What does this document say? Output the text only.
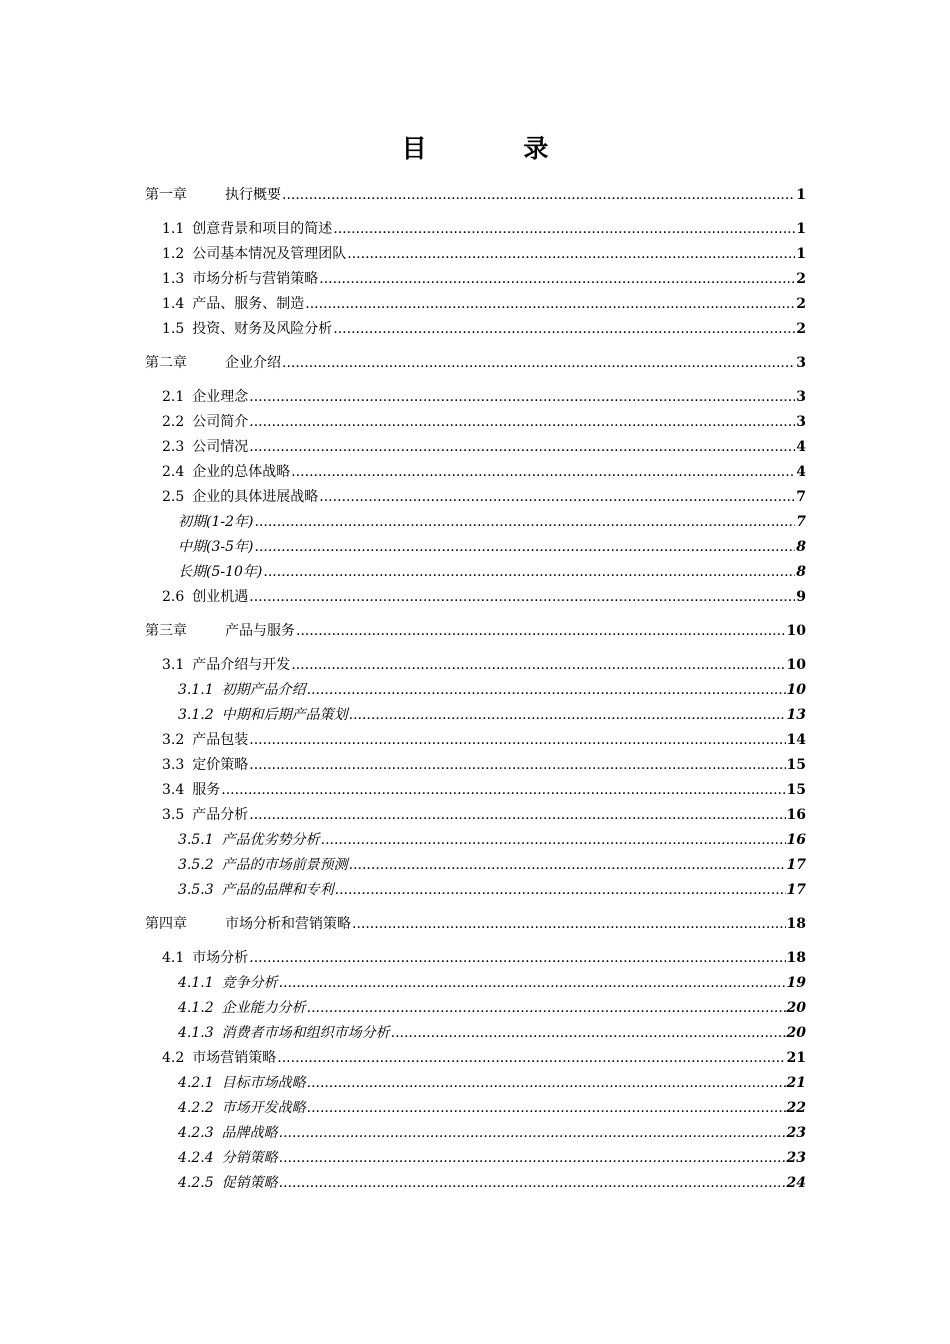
目 录
第一章	执行概要 .....	1
1.1 创意背景和项目的简述 .....	1
1.2 公司基本情况及管理团队 .....	1
1.3 市场分析与营销策略 .....	2
1.4 产品、服务、制造 .....	2
1.5 投资、财务及风险分析 .....	2
第二章	企业介绍 .....	3
2.1 企业理念 .....	3
2.2 公司简介 .....	3
2.3 公司情况 .....	4
2.4 企业的总体战略 .....	4
2.5 企业的具体进展战略 .....	7
初期(1-2年) .....	7
中期(3-5年) .....	8
长期(5-10年) .....	8
2.6 创业机遇 .....	9
第三章	产品与服务 .....	10
3.1 产品介绍与开发 .....	10
3.1.1 初期产品介绍 .....	10
3.1.2 中期和后期产品策划 .....	13
3.2 产品包装 .....	14
3.3 定价策略 .....	15
3.4 服务 .....	15
3.5 产品分析 .....	16
3.5.1 产品优劣势分析 .....	16
3.5.2 产品的市场前景预测 .....	17
3.5.3 产品的品牌和专利 .....	17
第四章	市场分析和营销策略 .....	18
4.1 市场分析 .....	18
4.1.1 竞争分析 .....	19
4.1.2 企业能力分析 .....	20
4.1.3 消费者市场和组织市场分析 .....	20
4.2 市场营销策略 .....	21
4.2.1 目标市场战略 .....	21
4.2.2 市场开发战略 .....	22
4.2.3 品牌战略 .....	23
4.2.4 分销策略 .....	23
4.2.5 促销策略 .....	24
